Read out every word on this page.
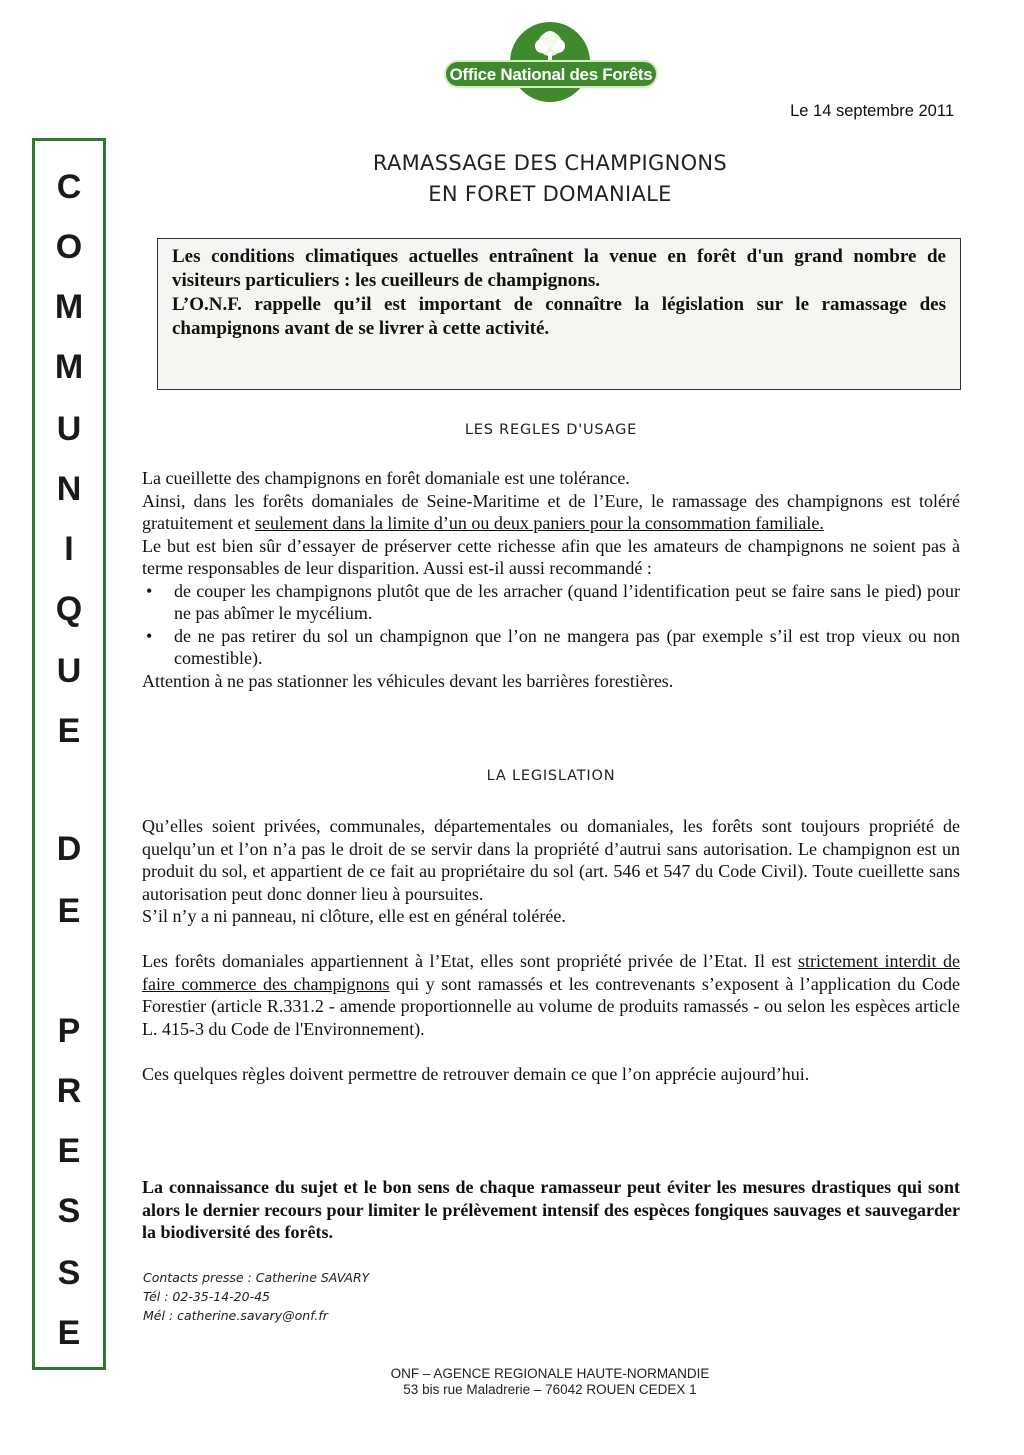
Office National des Forêts
Le 14 septembre 2011
C
O
M
M
U
N
I
Q
U
E
D
E
P
R
E
S
S
E
RAMASSAGE DES CHAMPIGNONS
EN FORET DOMANIALE

Les conditions climatiques actuelles entraînent la venue en forêt d'un grand nombre de visiteurs particuliers : les cueilleurs de champignons.

L’O.N.F. rappelle qu’il est important de connaître la législation sur le ramassage des champignons avant de se livrer à cette activité.

LES REGLES D'USAGE

La cueillette des champignons en forêt domaniale est une tolérance.

Ainsi, dans les forêts domaniales de Seine-Maritime et de l’Eure, le ramassage des champignons est toléré gratuitement et seulement dans la limite d’un ou deux paniers pour la consommation familiale.

Le but est bien sûr d’essayer de préserver cette richesse afin que les amateurs de champignons ne soient pas à terme responsables de leur disparition. Aussi est-il aussi recommandé :

• de couper les champignons plutôt que de les arracher (quand l’identification peut se faire sans le pied) pour ne pas abîmer le mycélium.
• de ne pas retirer du sol un champignon que l’on ne mangera pas (par exemple s’il est trop vieux ou non comestible).

Attention à ne pas stationner les véhicules devant les barrières forestières.

LA LEGISLATION

Qu’elles soient privées, communales, départementales ou domaniales, les forêts sont toujours propriété de quelqu’un et l’on n’a pas le droit de se servir dans la propriété d’autrui sans autorisation. Le champignon est un produit du sol, et appartient de ce fait au propriétaire du sol (art. 546 et 547 du Code Civil). Toute cueillette sans autorisation peut donc donner lieu à poursuites.

S’il n’y a ni panneau, ni clôture, elle est en général tolérée.

Les forêts domaniales appartiennent à l’Etat, elles sont propriété privée de l’Etat. Il est strictement interdit de faire commerce des champignons qui y sont ramassés et les contrevenants s’exposent à l’application du Code Forestier (article R.331.2 - amende proportionnelle au volume de produits ramassés - ou selon les espèces article L. 415-3 du Code de l'Environnement).

Ces quelques règles doivent permettre de retrouver demain ce que l’on apprécie aujourd’hui.

La connaissance du sujet et le bon sens de chaque ramasseur peut éviter les mesures drastiques qui sont alors le dernier recours pour limiter le prélèvement intensif des espèces fongiques sauvages et sauvegarder la biodiversité des forêts.

Contacts presse : Catherine SAVARY
Tél : 02-35-14-20-45
Mél : catherine.savary@onf.fr
ONF – AGENCE REGIONALE HAUTE-NORMANDIE
53 bis rue Maladrerie – 76042 ROUEN CEDEX 1
